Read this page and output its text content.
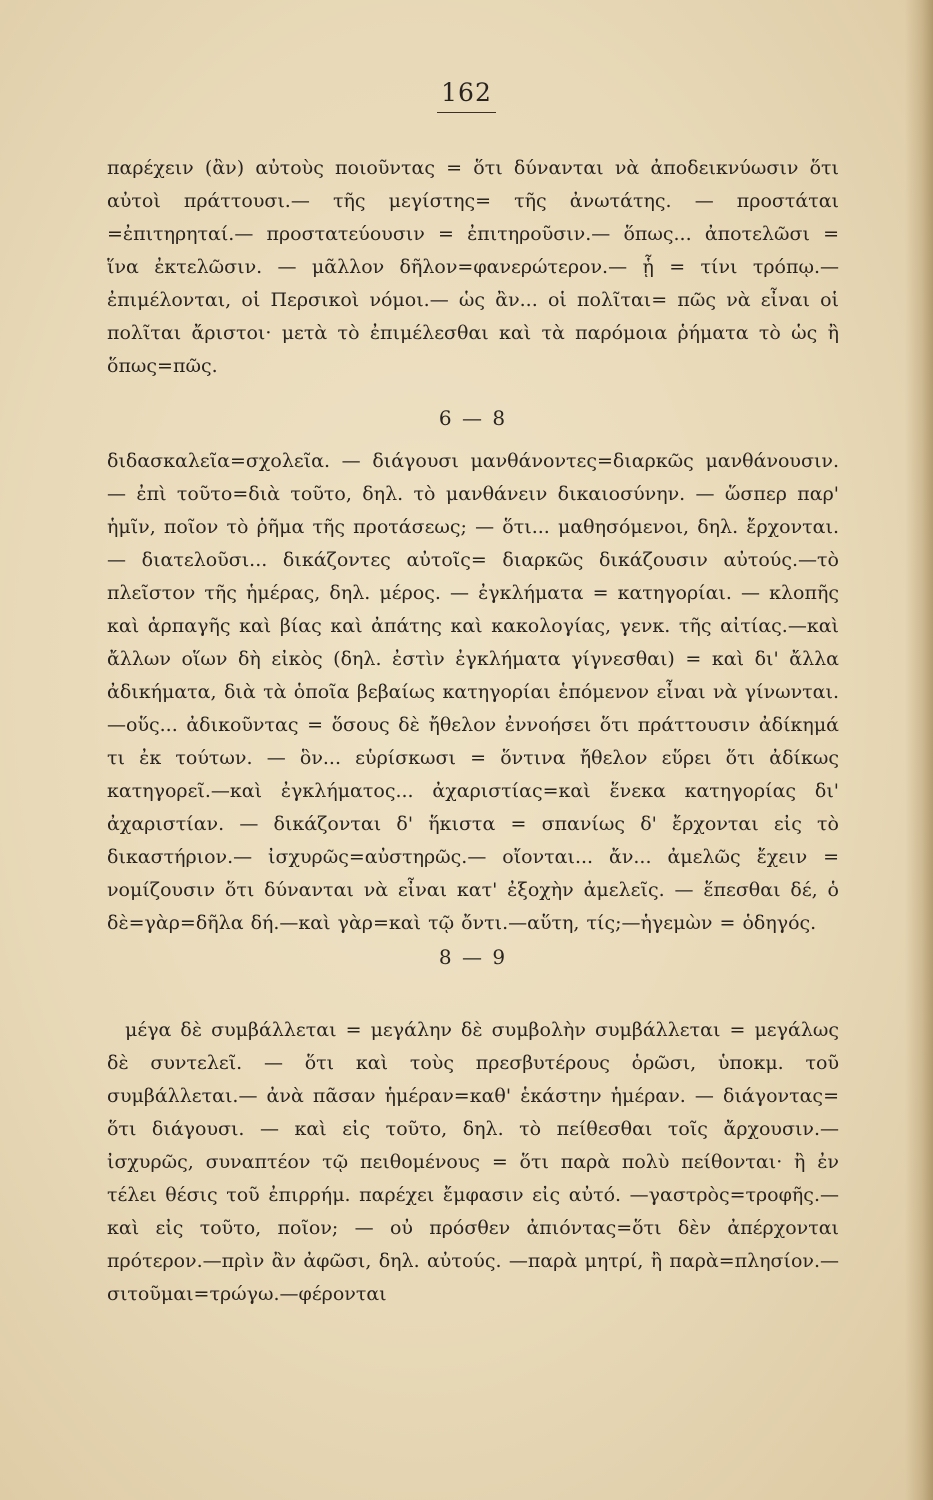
162

παρέχειν (ἂν) αὐτοὺς ποιοῦντας = ὅτι δύνανται νὰ ἀποδεικνύωσιν ὅτι αὐτοὶ πράττουσι.— τῆς μεγίστης= τῆς ἀνωτάτης. — προστάται =ἐπιτηρηταί.— προστατεύουσιν = ἐπιτηροῦσιν.— ὅπως... ἀποτελῶσι = ἵνα ἐκτελῶσιν. — μᾶλλον δῆλον=φανερώτερον.— ᾗ = τίνι τρόπῳ.—ἐπιμέλονται, οἱ Περσικοὶ νόμοι.— ὡς ἂν... οἱ πολῖται= πῶς νὰ εἶναι οἱ πολῖται ἄριστοι· μετὰ τὸ ἐπιμέλεσθαι καὶ τὰ παρόμοια ῥήματα τὸ ὡς ἢ ὅπως=πῶς.

6 — 8

διδασκαλεῖα=σχολεῖα. — διάγουσι μανθάνοντες=διαρκῶς μανθάνουσιν. — ἐπὶ τοῦτο=διὰ τοῦτο, δηλ. τὸ μανθάνειν δικαιοσύνην. — ὥσπερ παρ' ἡμῖν, ποῖον τὸ ῥῆμα τῆς προτάσεως; — ὅτι... μαθησόμενοι, δηλ. ἔρχονται. — διατελοῦσι... δικάζοντες αὐτοῖς= διαρκῶς δικάζουσιν αὐτούς.—τὸ πλεῖστον τῆς ἡμέρας, δηλ. μέρος. — ἐγκλήματα = κατηγορίαι. — κλοπῆς καὶ ἁρπαγῆς καὶ βίας καὶ ἀπάτης καὶ κακολογίας, γενκ. τῆς αἰτίας.—καὶ ἄλλων οἵων δὴ εἰκὸς (δηλ. ἐστὶν ἐγκλήματα γίγνεσθαι) = καὶ δι' ἄλλα ἀδικήματα, διὰ τὰ ὁποῖα βεβαίως κατηγορίαι ἑπόμενον εἶναι νὰ γίνωνται.—οὕς... ἀδικοῦντας = ὅσους δὲ ἤθελον ἐννοήσει ὅτι πράττουσιν ἀδίκημά τι ἐκ τούτων. — ὃν... εὑρίσκωσι = ὅντινα ἤθελον εὕρει ὅτι ἀδίκως κατηγορεῖ.—καὶ ἐγκλήματος... ἀχαριστίας=καὶ ἕνεκα κατηγορίας δι' ἀχαριστίαν. — δικάζονται δ' ἥκιστα = σπανίως δ' ἔρχονται εἰς τὸ δικαστήριον.— ἰσχυρῶς=αὐστηρῶς.— οἴονται... ἄν... ἀμελῶς ἔχειν = νομίζουσιν ὅτι δύνανται νὰ εἶναι κατ' ἐξοχὴν ἀμελεῖς. — ἕπεσθαι δέ, ὁ δὲ=γὰρ=δῆλα δή.—καὶ γὰρ=καὶ τῷ ὄντι.—αὕτη, τίς;—ἡγεμὼν = ὁδηγός.

8 — 9

μέγα δὲ συμβάλλεται = μεγάλην δὲ συμβολὴν συμβάλλεται = μεγάλως δὲ συντελεῖ. — ὅτι καὶ τοὺς πρεσβυτέρους ὁρῶσι, ὑποκμ. τοῦ συμβάλλεται.— ἀνὰ πᾶσαν ἡμέραν=καθ' ἑκάστην ἡμέραν. — διάγοντας= ὅτι διάγουσι. — καὶ εἰς τοῦτο, δηλ. τὸ πείθεσθαι τοῖς ἄρχουσιν.— ἰσχυρῶς, συναπτέον τῷ πειθομένους = ὅτι παρὰ πολὺ πείθονται· ἢ ἐν τέλει θέσις τοῦ ἐπιρρήμ. παρέχει ἔμφασιν εἰς αὐτό. —γαστρὸς=τροφῆς.—καὶ εἰς τοῦτο, ποῖον; — οὐ πρόσθεν ἀπιόντας=ὅτι δὲν ἀπέρχονται πρότερον.—πρὶν ἂν ἀφῶσι, δηλ. αὐτούς. —παρὰ μητρί, ἢ παρὰ=πλησίον.—σιτοῦμαι=τρώγω.—φέρονται
